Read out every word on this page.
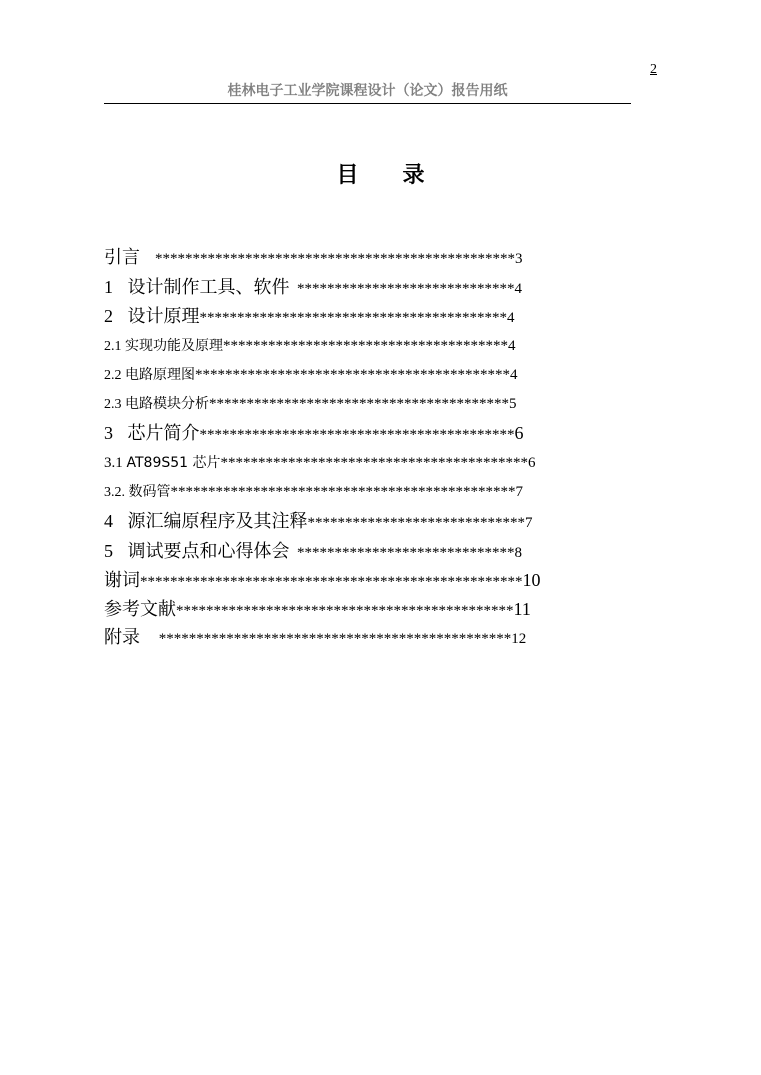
2
桂林电子工业学院课程设计（论文）报告用纸
目 录
引言 ************************************************3
1 设计制作工具、软件 *****************************4
2 设计原理*****************************************4
2.1 实现功能及原理**************************************4
2.2 电路原理图******************************************4
2.3 电路模块分析****************************************5
3 芯片简介******************************************6
3.1 AT89S51 芯片*****************************************6
3.2. 数码管**********************************************7
4 源汇编原程序及其注释*****************************7
5 调试要点和心得体会 *****************************8
谢词***************************************************10
参考文献*********************************************11
附录 ***********************************************12
